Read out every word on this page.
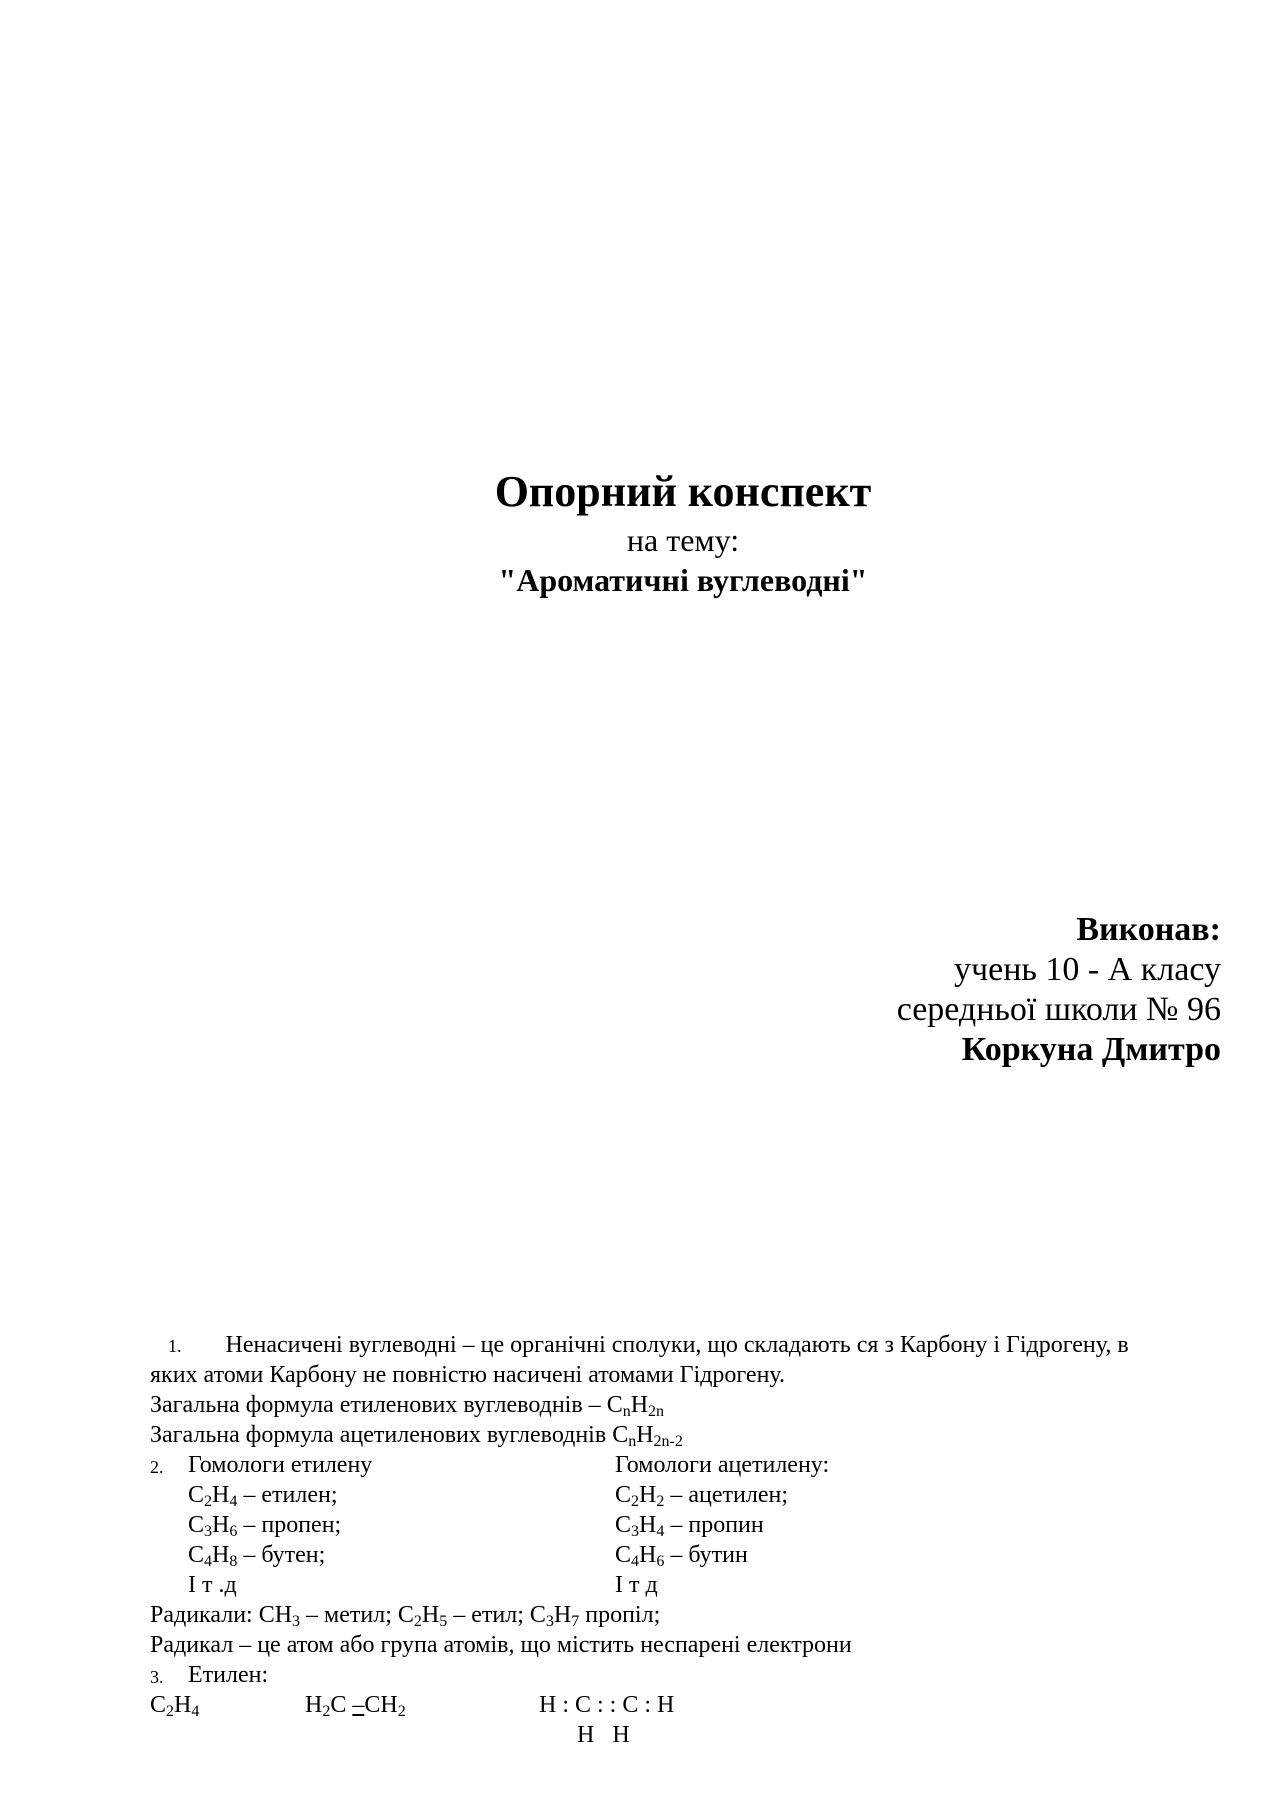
Опорний конспект
на тему:
"Ароматичні вуглеводні"
Виконав:
учень 10 - А класу
середньої школи № 96
Коркуна Дмитро
1. Ненасичені вуглеводні – це органічні сполуки, що складають ся з Карбону і Гідрогену, в
яких атоми Карбону не повністю насичені атомами Гідрогену.
Загальна формула етиленових вуглеводнів – $C_nH_{2n}$
Загальна формула ацетиленових вуглеводнів $C_nH_{2n-2}$
2. Гомологи етилену	Гомологи ацетилену:
$C_2H_4$ – етилен;	$C_2H_2$ – ацетилен;
$C_3H_6$ – пропен;	$C_3H_4$ – пропин
$C_4H_8$ – бутен;	$C_4H_6$ – бутин
I т .д	I т д
Радикали: $CH_3$ – метил; $C_2H_5$ – етил; $C_3H_7$ пропіл;
Радикал – це атом або група атомів, що містить неспарені електрони
3. Етилен:
$C_2H_4$	$H_2C$ $-CH_2$	H : C : : C : H
H   H
